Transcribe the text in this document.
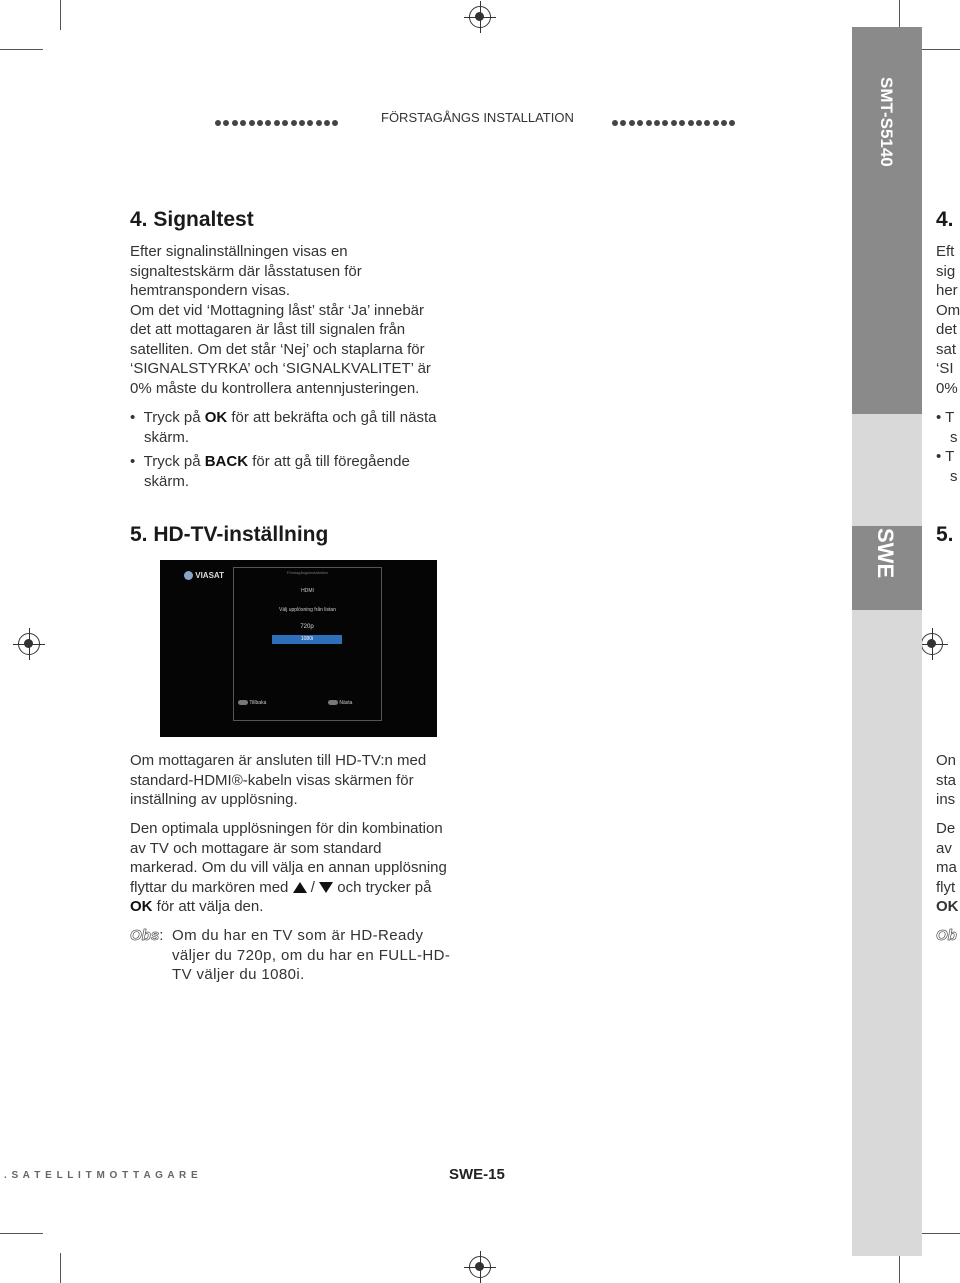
FÖRSTAGÅNGS INSTALLATION	SMT-S5140
SWE
4. Signaltest
Efter signalinställningen visas en
signaltestskärm där låsstatusen för
hemtranspondern visas.
Om det vid ‘Mottagning låst’ står ‘Ja’ innebär
det att mottagaren är låst till signalen från
satelliten. Om det står ‘Nej’ och staplarna för
‘SIGNALSTYRKA’ och ‘SIGNALKVALITET’ är
0% måste du kontrollera antennjusteringen.
•  Tryck på OK för att bekräfta och gå till nästa
skärm.
•  Tryck på BACK för att gå till föregående
skärm.
5. HD-TV-inställning
VIASAT	Förstagångsinstallation
HDMI
Välj upplösning från listan
720p
1080i
Tillbaka	Nästa
Om mottagaren är ansluten till HD-TV:n med
standard-HDMI®-kabeln visas skärmen för
inställning av upplösning.
Den optimala upplösningen för din kombination
av TV och mottagare är som standard
markerad. Om du vill välja en annan upplösning
flyttar du markören med / och trycker på
OK för att välja den.
Obs: Om du har en TV som är HD-Ready
väljer du 720p, om du har en FULL-HD-
TV väljer du 1080i.
4.
Eft
sig
her
Om
det
sat
‘SI
0%
• T
s
• T
s
5.
On
sta
ins
De
av
ma
flyt
OK
Ob
. S A T E L L I T M O T T A G A R E	SWE-15
